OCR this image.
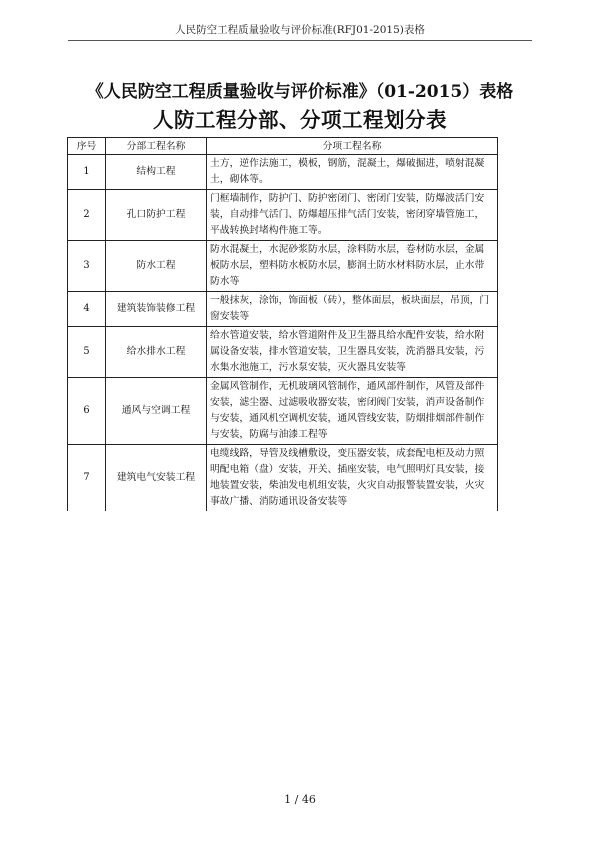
人民防空工程质量验收与评价标准(RFJ01-2015)表格
《人民防空工程质量验收与评价标准》（01-2015）表格
人防工程分部、分项工程划分表
序号	分部工程名称	分项工程名称
1	结构工程	土方，逆作法施工，模板，钢筋，混凝土，爆破掘进，喷射混凝土，砌体等。
2	孔口防护工程	门框墙制作，防护门、防护密闭门、密闭门安装，防爆波活门安装，自动排气活门、防爆超压排气活门安装，密闭穿墙管施工，平战转换封堵构件施工等。
3	防水工程	防水混凝土，水泥砂浆防水层，涂料防水层，卷材防水层，金属板防水层，塑料防水板防水层，膨润土防水材料防水层，止水带防水等
4	建筑装饰装修工程	一般抹灰，涂饰，饰面板（砖），整体面层，板块面层，吊顶，门窗安装等
5	给水排水工程	给水管道安装，给水管道附件及卫生器具给水配件安装，给水附属设备安装，排水管道安装，卫生器具安装，洗消器具安装，污水集水池施工，污水泵安装，灭火器具安装等
6	通风与空调工程	金属风管制作，无机玻璃风管制作，通风部件制作，风管及部件安装，滤尘器、过滤吸收器安装，密闭阀门安装，消声设备制作与安装，通风机空调机安装，通风管线安装，防烟排烟部件制作与安装，防腐与油漆工程等
7	建筑电气安装工程	电缆线路，导管及线槽敷设，变压器安装，成套配电柜及动力照明配电箱（盘）安装，开关、插座安装，电气照明灯具安装，接地装置安装，柴油发电机组安装，火灾自动报警装置安装，火灾事故广播、消防通讯设备安装等
1 / 46
